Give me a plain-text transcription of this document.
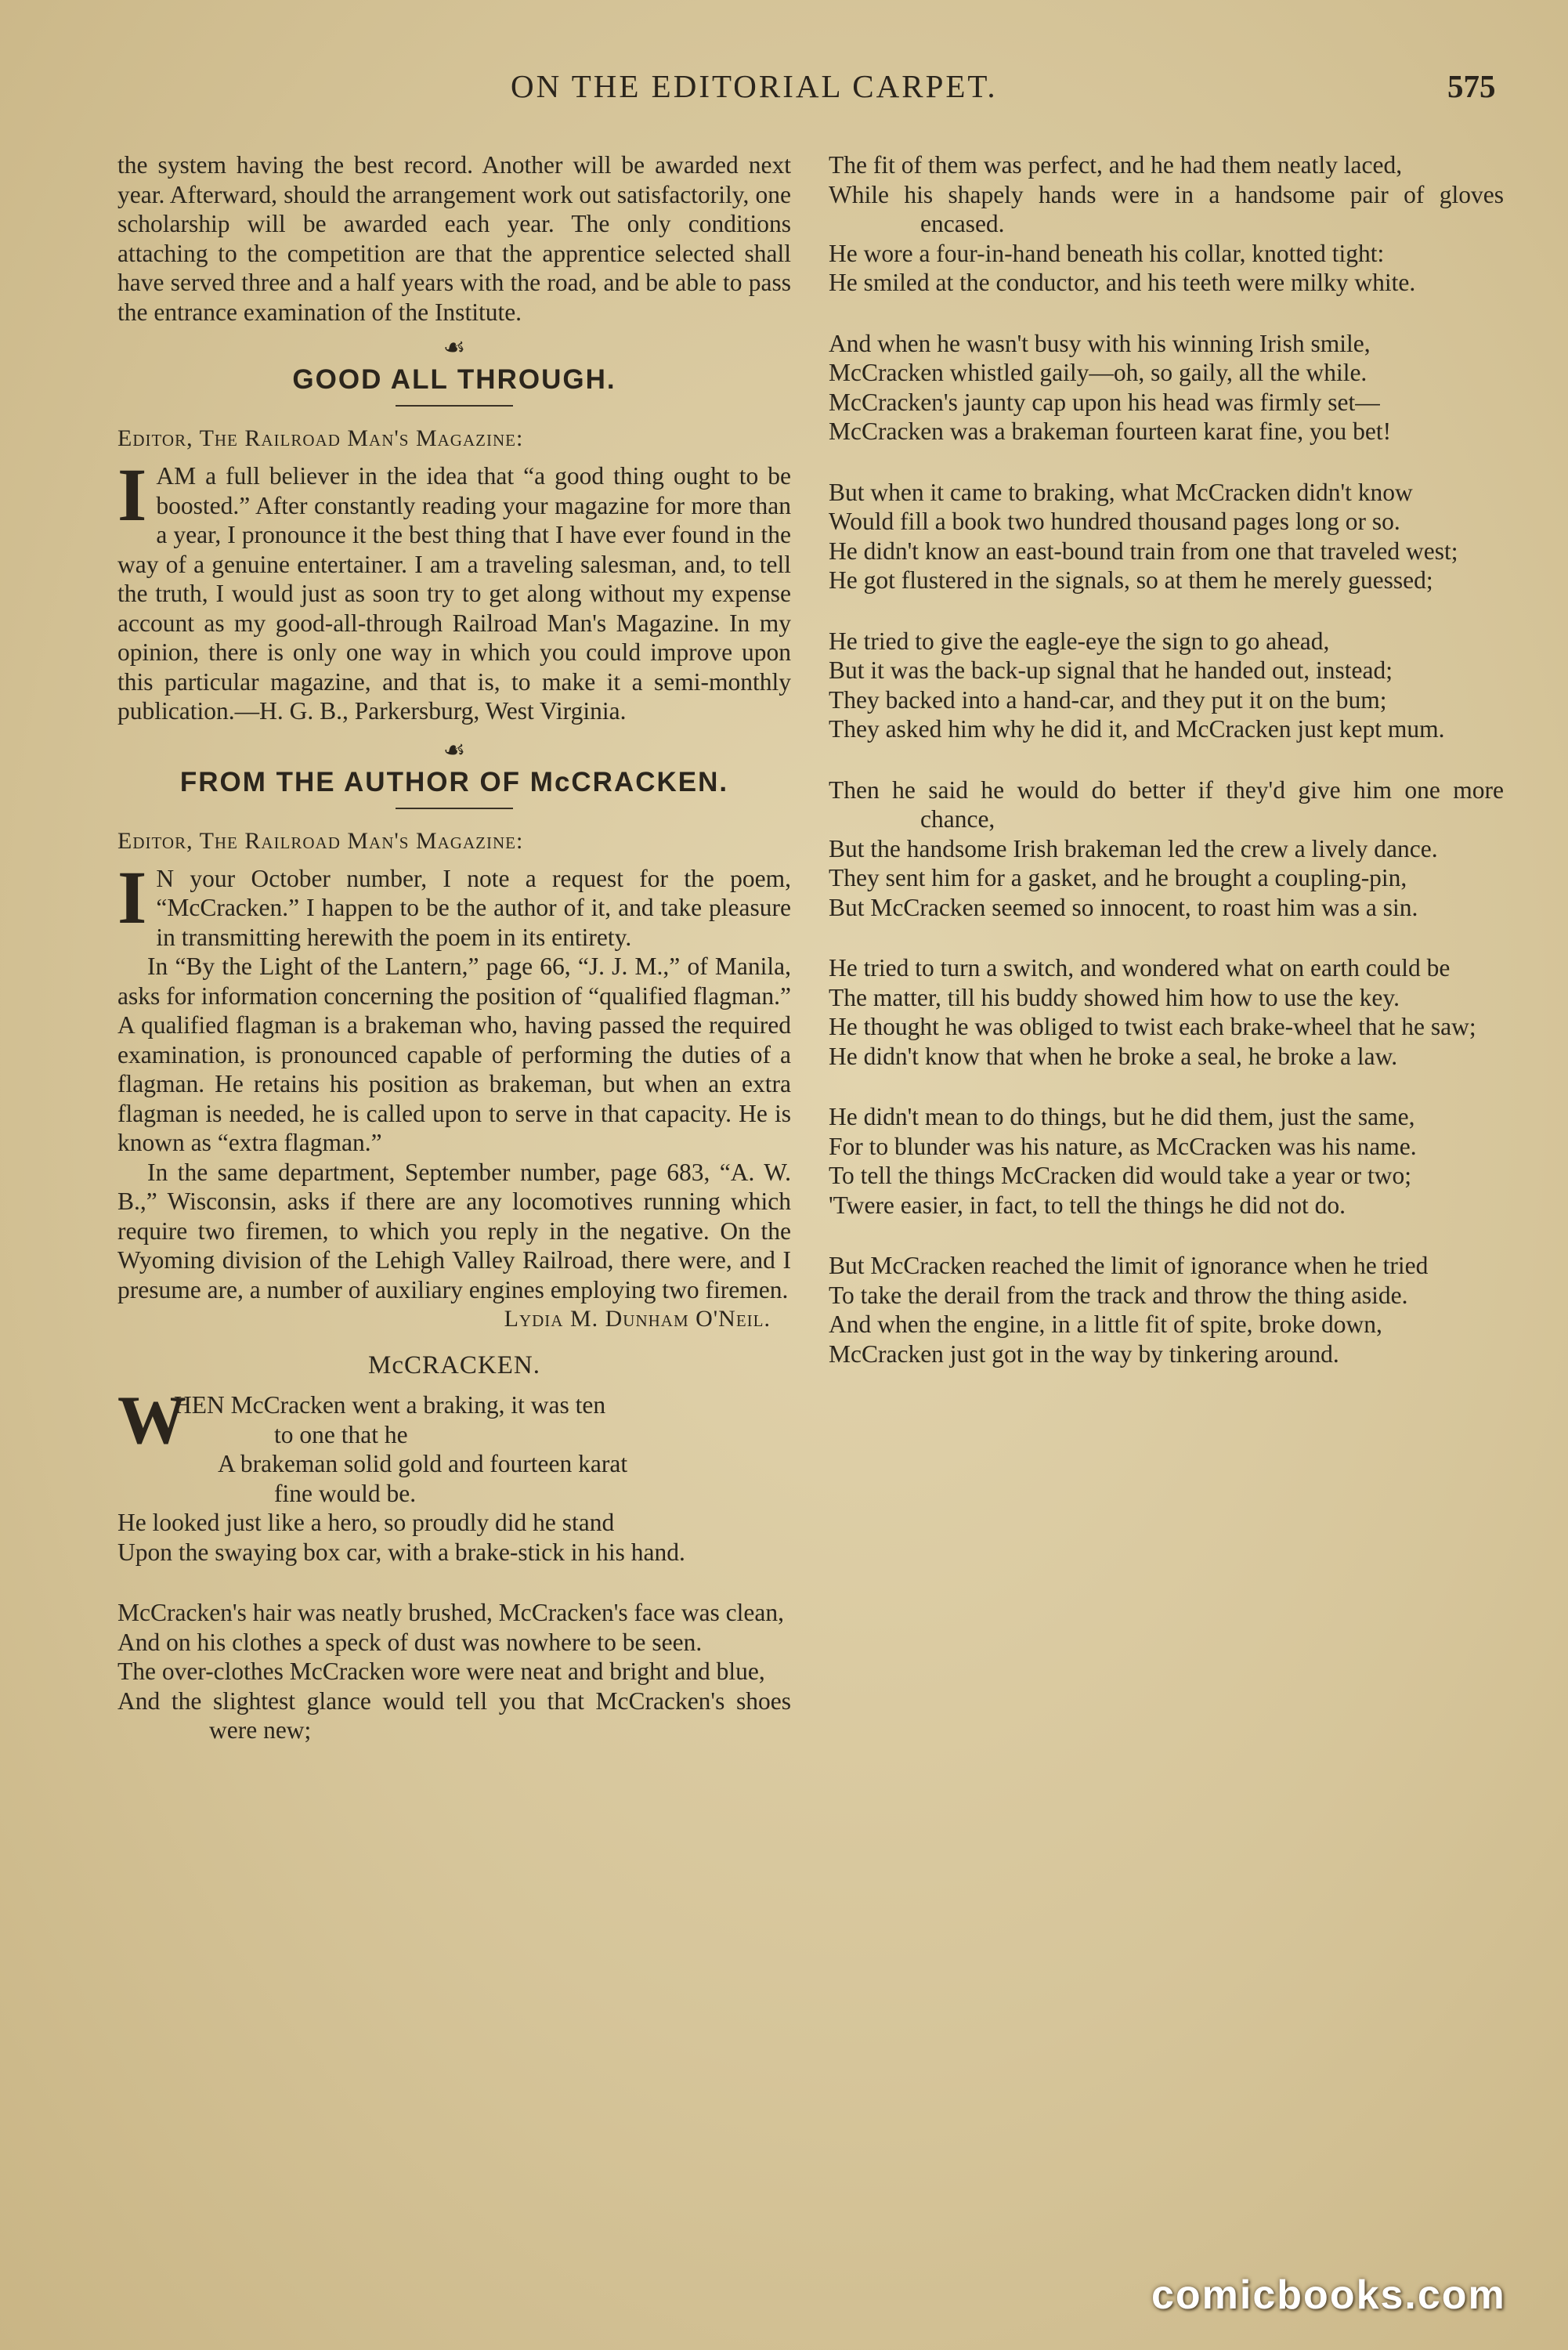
ON THE EDITORIAL CARPET.	575

the system having the best record. Another will be awarded next year. Afterward, should the arrangement work out satisfactorily, one scholarship will be awarded each year. The only conditions attaching to the competition are that the apprentice selected shall have served three and a half years with the road, and be able to pass the entrance examination of the Institute.

☙
GOOD ALL THROUGH.

Editor, The Railroad Man's Magazine:

IAM a full believer in the idea that “a good thing ought to be boosted.” After constantly reading your magazine for more than a year, I pronounce it the best thing that I have ever found in the way of a genuine entertainer. I am a traveling salesman, and, to tell the truth, I would just as soon try to get along without my expense account as my good-all-through Railroad Man's Magazine. In my opinion, there is only one way in which you could improve upon this particular magazine, and that is, to make it a semi-monthly publication.—H. G. B., Parkersburg, West Virginia.

☙
FROM THE AUTHOR OF McCRACKEN.

Editor, The Railroad Man's Magazine:

I N your October number, I note a request for the poem, “McCracken.” I happen to be the author of it, and take pleasure in transmitting herewith the poem in its entirety.

In “By the Light of the Lantern,” page 66, “J. J. M.,” of Manila, asks for information concerning the position of “qualified flagman.” A qualified flagman is a brakeman who, having passed the required examination, is pronounced capable of performing the duties of a flagman. He retains his position as brakeman, but when an extra flagman is needed, he is called upon to serve in that capacity. He is known as “extra flagman.”

In the same department, September number, page 683, “A. W. B.,” Wisconsin, asks if there are any locomotives running which require two firemen, to which you reply in the negative. On the Wyoming division of the Lehigh Valley Railroad, there were, and I presume are, a number of auxiliary engines employing two firemen.

Lydia M. Dunham O'Neil.

McCRACKEN.
W
HEN McCracken went a braking, it was ten
to one that he
A brakeman solid gold and fourteen karat
fine would be.
He looked just like a hero, so proudly did he stand
Upon the swaying box car, with a brake-stick in his hand.
McCracken's hair was neatly brushed, McCracken's face was clean,
And on his clothes a speck of dust was nowhere to be seen.
The over-clothes McCracken wore were neat and bright and blue,
And the slightest glance would tell you that McCracken's shoes were new;
The fit of them was perfect, and he had them neatly laced,
While his shapely hands were in a handsome pair of gloves encased.
He wore a four-in-hand beneath his collar, knotted tight:
He smiled at the conductor, and his teeth were milky white.
And when he wasn't busy with his winning Irish smile,
McCracken whistled gaily—oh, so gaily, all the while.
McCracken's jaunty cap upon his head was firmly set—
McCracken was a brakeman fourteen karat fine, you bet!
But when it came to braking, what McCracken didn't know
Would fill a book two hundred thousand pages long or so.
He didn't know an east-bound train from one that traveled west;
He got flustered in the signals, so at them he merely guessed;
He tried to give the eagle-eye the sign to go ahead,
But it was the back-up signal that he handed out, instead;
They backed into a hand-car, and they put it on the bum;
They asked him why he did it, and McCracken just kept mum.
Then he said he would do better if they'd give him one more chance,
But the handsome Irish brakeman led the crew a lively dance.
They sent him for a gasket, and he brought a coupling-pin,
But McCracken seemed so innocent, to roast him was a sin.
He tried to turn a switch, and wondered what on earth could be
The matter, till his buddy showed him how to use the key.
He thought he was obliged to twist each brake-wheel that he saw;
He didn't know that when he broke a seal, he broke a law.
He didn't mean to do things, but he did them, just the same,
For to blunder was his nature, as McCracken was his name.
To tell the things McCracken did would take a year or two;
'Twere easier, in fact, to tell the things he did not do.
But McCracken reached the limit of ignorance when he tried
To take the derail from the track and throw the thing aside.
And when the engine, in a little fit of spite, broke down,
McCracken just got in the way by tinkering around.
comicbooks.com
